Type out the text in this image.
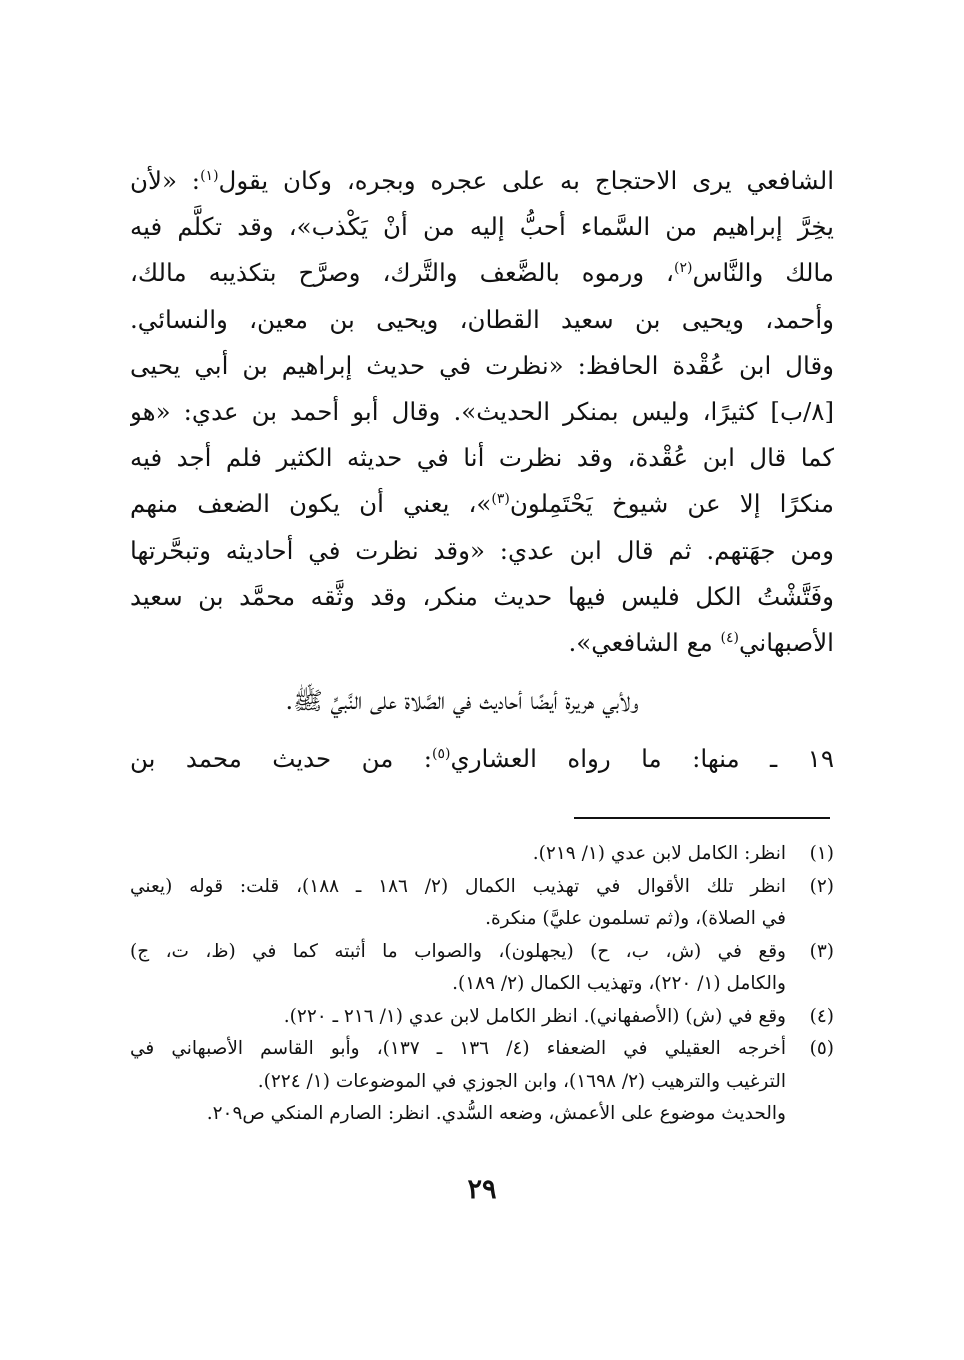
الشافعي يرى الاحتجاج به على عجره وبجره، وكان يقول$^{(١)}$: «لأن
يخِرَّ إبراهيم من السَّماء أحبُّ إليه من أنْ يَكْذب»، وقد تكلَّم فيه
مالك والنَّاس$^{(٢)}$، ورموه بالضَّعف والتَّرك، وصرَّح بتكذيبه مالك،
وأحمد، ويحيى بن سعيد القطان، ويحيى بن معين، والنسائي.
وقال ابن عُقْدة الحافظ: «نظرت في حديث إبراهيم بن أبي يحيى
[٨/ب] كثيرًا، وليس بمنكر الحديث». وقال أبو أحمد بن عدي: «هو
كما قال ابن عُقْدة، وقد نظرت أنا في حديثه الكثير فلم أجد فيه
منكرًا إلا عن شيوخ يَحْتَمِلون$^{(٣)}$»، يعني أن يكون الضعف منهم
ومن جهَتهم. ثم قال ابن عدي: «وقد نظرت في أحاديثه وتبحَّرتها
وفَتَّشْتُ الكل فليس فيها حديث منكر، وقد وثَّقه محمَّد بن سعيد
الأصبهاني$^{(٤)}$ مع الشافعي».
ولأبي هريرة أيضًا أحاديث في الصَّلاة على النَّبيِّ ﷺ.
١٩ ـ منها: ما رواه العشاري$^{(٥)}$: من حديث محمد بن
(١)
انظر: الكامل لابن عدي (١/ ٢١٩).
(٢)
انظر تلك الأقوال في تهذيب الكمال (٢/ ١٨٦ ـ ١٨٨)، قلت: قوله (يعني
في الصلاة)، و(ثم تسلمون عليَّ) منكرة.
(٣)
وقع في (ش، ب، ح) (يجهلون)، والصواب ما أثبته كما في (ظ، ت، ج)
والكامل (١/ ٢٢٠)، وتهذيب الكمال (٢/ ١٨٩).
(٤)
وقع في (ش) (الأصفهاني). انظر الكامل لابن عدي (١/ ٢١٦ ـ ٢٢٠).
(٥)
أخرجه العقيلي في الضعفاء (٤/ ١٣٦ ـ ١٣٧)، وأبو القاسم الأصبهاني في
الترغيب والترهيب (٢/ ١٦٩٨)، وابن الجوزي في الموضوعات (١/ ٢٢٤).
والحديث موضوع على الأعمش، وضعه السُّدي. انظر: الصارم المنكي ص٢٠٩.
٢٩
